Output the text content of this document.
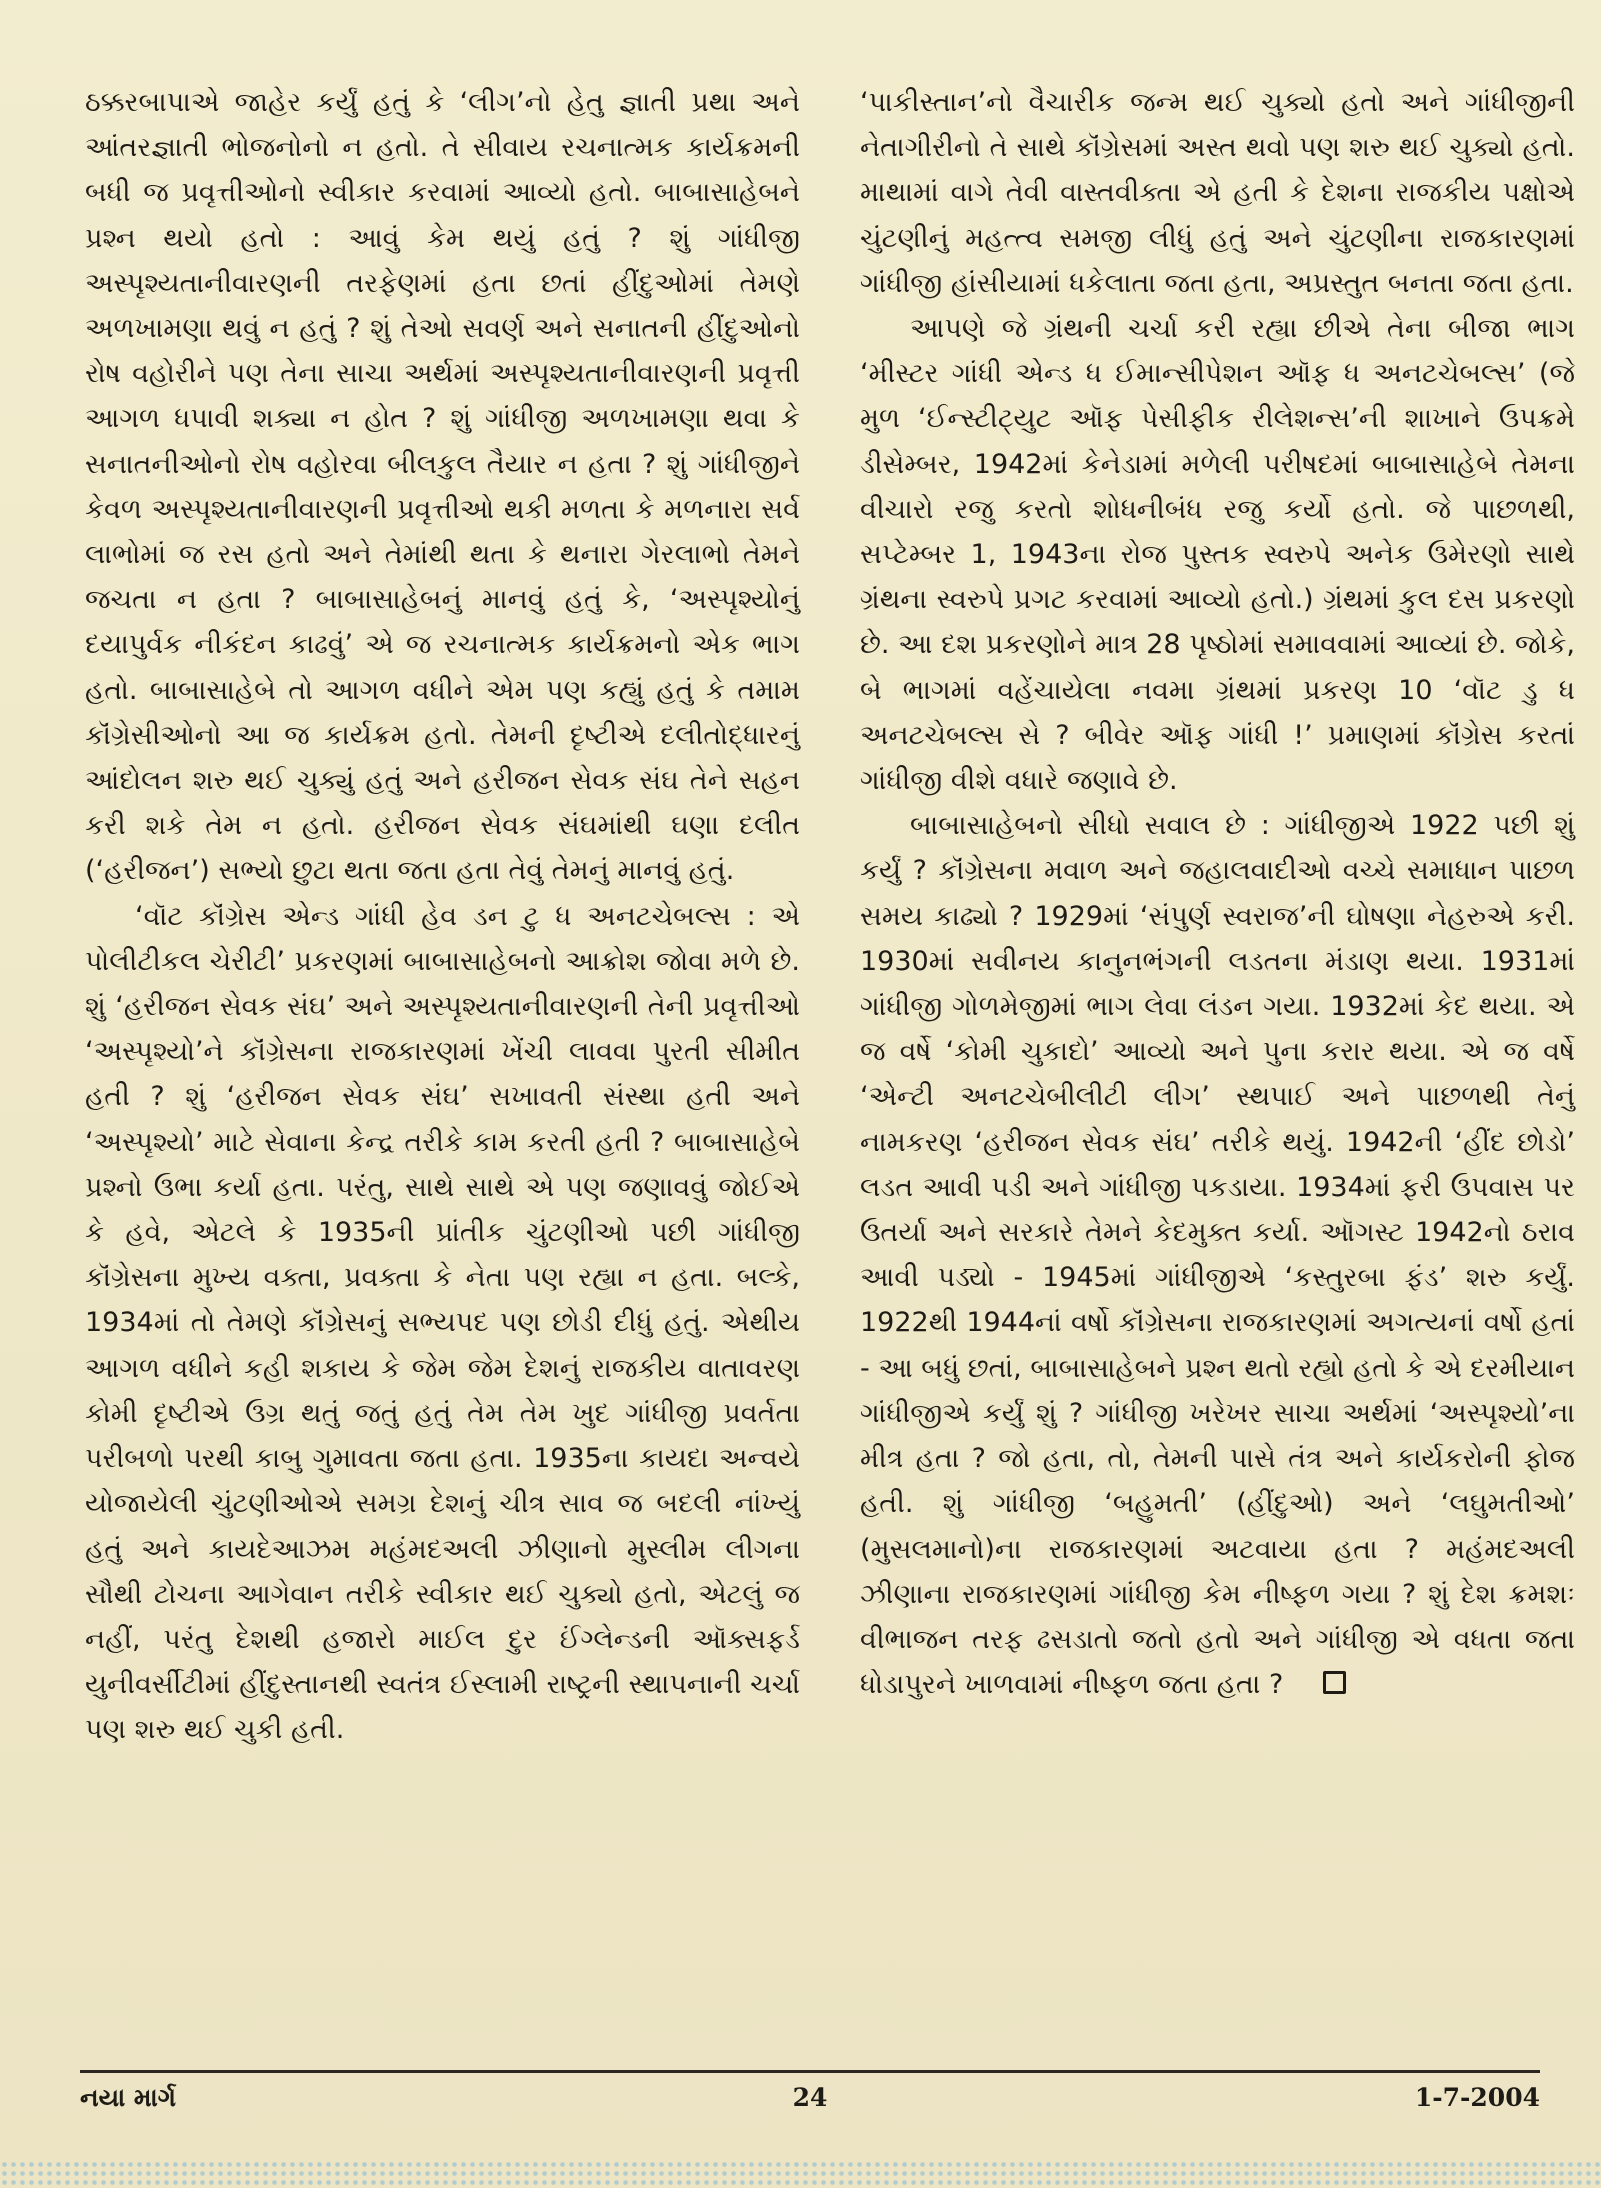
ઠક્કરબાપાએ જાહેર કર્યું હતું કે ‘લીગ’નો હેતુ જ્ઞાતી પ્રથા અને આંતરજ્ઞાતી ભોજનોનો ન હતો. તે સીવાય રચનાત્મક કાર્યક્રમની બધી જ પ્રવૃત્તીઓનો સ્વીકાર કરવામાં આવ્યો હતો. બાબાસાહેબને પ્રશ્ન થયો હતો : આવું કેમ થયું હતું ? શું ગાંધીજી અસ્પૃશ્યતાનીવારણની તરફેણમાં હતા છતાં હીંદુઓમાં તેમણે અળખામણા થવું ન હતું ? શું તેઓ સવર્ણ અને સનાતની હીંદુઓનો રોષ વહોરીને પણ તેના સાચા અર્થમાં અસ્પૃશ્યતાનીવારણની પ્રવૃત્તી આગળ ધપાવી શક્યા ન હોત ? શું ગાંધીજી અળખામણા થવા કે સનાતનીઓનો રોષ વહોરવા બીલકુલ તૈયાર ન હતા ? શું ગાંધીજીને કેવળ અસ્પૃશ્યતાનીવારણની પ્રવૃત્તીઓ થકી મળતા કે મળનારા સર્વ લાભોમાં જ રસ હતો અને તેમાંથી થતા કે થનારા ગેરલાભો તેમને જચતા ન હતા ? બાબાસાહેબનું માનવું હતું કે, ‘અસ્પૃશ્યોનું દયાપુર્વક નીકંદન કાઢવું’ એ જ રચનાત્મક કાર્યક્રમનો એક ભાગ હતો. બાબાસાહેબે તો આગળ વધીને એમ પણ કહ્યું હતું કે તમામ કૉંગ્રેસીઓનો આ જ કાર્યક્રમ હતો. તેમની દૃષ્ટીએ દલીતોદ્ધારનું આંદોલન શરુ થઈ ચુક્યું હતું અને હરીજન સેવક સંઘ તેને સહન કરી શકે તેમ ન હતો. હરીજન સેવક સંઘમાંથી ઘણા દલીત (‘હરીજન’) સભ્યો છુટા થતા જતા હતા તેવું તેમનું માનવું હતું.

‘વૉટ કૉંગ્રેસ એન્ડ ગાંધી હેવ ડન ટુ ધ અનટચેબલ્સ : એ પોલીટીકલ ચેરીટી’ પ્રકરણમાં બાબાસાહેબનો આક્રોશ જોવા મળે છે. શું ‘હરીજન સેવક સંઘ’ અને અસ્પૃશ્યતાનીવારણની તેની પ્રવૃત્તીઓ ‘અસ્પૃશ્યો’ને કૉંગ્રેસના રાજકારણમાં ખેંચી લાવવા પુરતી સીમીત હતી ? શું ‘હરીજન સેવક સંઘ’ સખાવતી સંસ્થા હતી અને ‘અસ્પૃશ્યો’ માટે સેવાના કેન્દ્ર તરીકે કામ કરતી હતી ? બાબાસાહેબે પ્રશ્નો ઉભા કર્યા હતા. પરંતુ, સાથે સાથે એ પણ જણાવવું જોઈએ કે હવે, એટલે કે 1935ની પ્રાંતીક ચુંટણીઓ પછી ગાંધીજી કૉંગ્રેસના મુખ્ય વક્તા, પ્રવક્તા કે નેતા પણ રહ્યા ન હતા. બલ્કે, 1934માં તો તેમણે કૉંગ્રેસનું સભ્યપદ પણ છોડી દીધું હતું. એથીય આગળ વધીને કહી શકાય કે જેમ જેમ દેશનું રાજકીય વાતાવરણ કોમી દૃષ્ટીએ ઉગ્ર થતું જતું હતું તેમ તેમ ખુદ ગાંધીજી પ્રવર્તતા પરીબળો પરથી કાબુ ગુમાવતા જતા હતા. 1935ના કાયદા અન્વયે યોજાયેલી ચુંટણીઓએ સમગ્ર દેશનું ચીત્ર સાવ જ બદલી નાંખ્યું હતું અને કાયદેઆઝમ મહંમદઅલી ઝીણાનો મુસ્લીમ લીગના સૌથી ટોચના આગેવાન તરીકે સ્વીકાર થઈ ચુક્યો હતો, એટલું જ નહીં, પરંતુ દેશથી હજારો માઈલ દુર ઈંગ્લેન્ડની ઑક્સફર્ડ યુનીવર્સીટીમાં હીંદુસ્તાનથી સ્વતંત્ર ઈસ્લામી રાષ્ટ્રની સ્થાપનાની ચર્ચા પણ શરુ થઈ ચુકી હતી.

‘પાકીસ્તાન’નો વૈચારીક જન્મ થઈ ચુક્યો હતો અને ગાંધીજીની નેતાગીરીનો તે સાથે કૉંગ્રેસમાં અસ્ત થવો પણ શરુ થઈ ચુક્યો હતો. માથામાં વાગે તેવી વાસ્તવીક્તા એ હતી કે દેશના રાજકીય પક્ષોએ ચુંટણીનું મહત્ત્વ સમજી લીધું હતું અને ચુંટણીના રાજકારણમાં ગાંધીજી હાંસીયામાં ધકેલાતા જતા હતા, અપ્રસ્તુત બનતા જતા હતા.

આપણે જે ગ્રંથની ચર્ચા કરી રહ્યા છીએ તેના બીજા ભાગ ‘મીસ્ટર ગાંધી એન્ડ ધ ઈમાન્સીપેશન ઑફ ધ અનટચેબલ્સ’ (જે મુળ ‘ઈન્સ્ટીટ્યુટ ઑફ પેસીફીક રીલેશન્સ’ની શાખાને ઉપક્રમે ડીસેમ્બર, 1942માં કેનેડામાં મળેલી પરીષદમાં બાબાસાહેબે તેમના વીચારો રજુ કરતો શોધનીબંધ રજુ કર્યો હતો. જે પાછળથી, સપ્ટેમ્બર 1, 1943ના રોજ પુસ્તક સ્વરુપે અનેક ઉમેરણો સાથે ગ્રંથના સ્વરુપે પ્રગટ કરવામાં આવ્યો હતો.) ગ્રંથમાં કુલ દસ પ્રકરણો છે. આ દશ પ્રકરણોને માત્ર 28 પૃષ્ઠોમાં સમાવવામાં આવ્યાં છે. જોકે, બે ભાગમાં વહેંચાયેલા નવમા ગ્રંથમાં પ્રકરણ 10 ‘વૉટ ડુ ધ અનટચેબલ્સ સે ? બીવેર ઑફ ગાંધી !’ પ્રમાણમાં કૉંગ્રેસ કરતાં ગાંધીજી વીશે વધારે જણાવે છે.

બાબાસાહેબનો સીધો સવાલ છે : ગાંધીજીએ 1922 પછી શું કર્યું ? કૉંગ્રેસના મવાળ અને જહાલવાદીઓ વચ્ચે સમાધાન પાછળ સમય કાઢ્યો ? 1929માં ‘સંપુર્ણ સ્વરાજ’ની ઘોષણા નેહરુએ કરી. 1930માં સવીનય કાનુનભંગની લડતના મંડાણ થયા. 1931માં ગાંધીજી ગોળમેજીમાં ભાગ લેવા લંડન ગયા. 1932માં કેદ થયા. એ જ વર્ષે ‘કોમી ચુકાદો’ આવ્યો અને પુના કરાર થયા. એ જ વર્ષે ‘એન્ટી અનટચેબીલીટી લીગ’ સ્થપાઈ અને પાછળથી તેનું નામકરણ ‘હરીજન સેવક સંઘ’ તરીકે થયું. 1942ની ‘હીંદ છોડો’ લડત આવી પડી અને ગાંધીજી પકડાયા. 1934માં ફરી ઉપવાસ પર ઉતર્યા અને સરકારે તેમને કેદમુક્ત કર્યા. ઑગસ્ટ 1942નો ઠરાવ આવી પડ્યો - 1945માં ગાંધીજીએ ‘કસ્તુરબા ફંડ’ શરુ કર્યું. 1922થી 1944નાં વર્ષો કૉંગ્રેસના રાજકારણમાં અગત્યનાં વર્ષો હતાં - આ બધું છતાં, બાબાસાહેબને પ્રશ્ન થતો રહ્યો હતો કે એ દરમીયાન ગાંધીજીએ કર્યું શું ? ગાંધીજી ખરેખર સાચા અર્થમાં ‘અસ્પૃશ્યો’ના મીત્ર હતા ? જો હતા, તો, તેમની પાસે તંત્ર અને કાર્યકરોની ફોજ હતી. શું ગાંધીજી ‘બહુમતી’ (હીંદુઓ) અને ‘લઘુમતીઓ’ (મુસલમાનો)ના રાજકારણમાં અટવાયા હતા ? મહંમદઅલી ઝીણાના રાજકારણમાં ગાંધીજી કેમ નીષ્ફળ ગયા ? શું દેશ ક્રમશઃ વીભાજન તરફ ઢસડાતો જતો હતો અને ગાંધીજી એ વધતા જતા ધોડાપુરને ખાળવામાં નીષ્ફળ જતા હતા ?

નયા માર્ગ	24	1-7-2004
